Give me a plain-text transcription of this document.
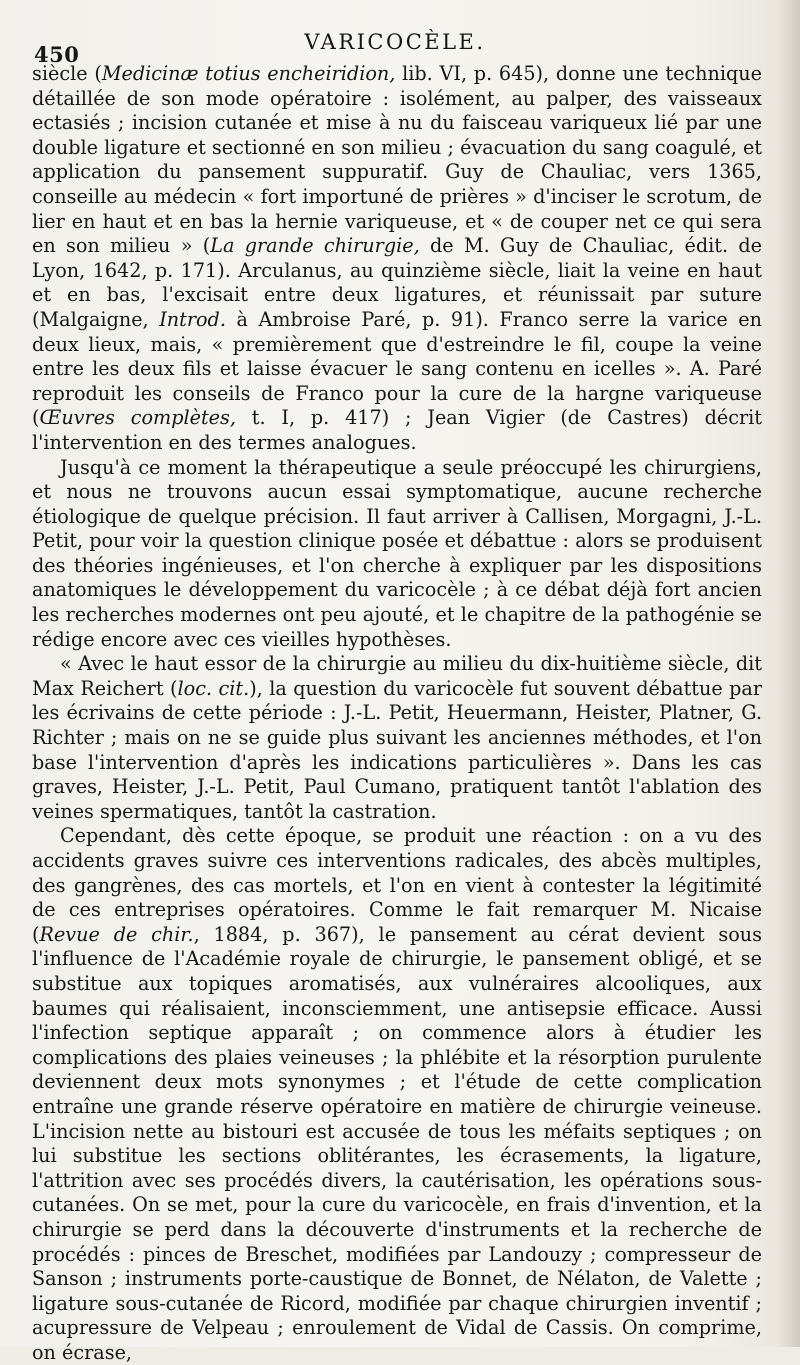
450	VARICOCÈLE.

siècle (Medicinæ totius encheiridion, lib. VI, p. 645), donne une technique détaillée de son mode opératoire : isolément, au palper, des vaisseaux ectasiés ; incision cutanée et mise à nu du faisceau variqueux lié par une double ligature et sectionné en son milieu ; évacuation du sang coagulé, et application du pansement suppuratif. Guy de Chauliac, vers 1365, conseille au médecin « fort importuné de prières » d'inciser le scrotum, de lier en haut et en bas la hernie variqueuse, et « de couper net ce qui sera en son milieu » (La grande chirurgie, de M. Guy de Chauliac, édit. de Lyon, 1642, p. 171). Arculanus, au quinzième siècle, liait la veine en haut et en bas, l'excisait entre deux ligatures, et réunissait par suture (Malgaigne, Introd. à Ambroise Paré, p. 91). Franco serre la varice en deux lieux, mais, « premièrement que d'estreindre le fil, coupe la veine entre les deux fils et laisse évacuer le sang contenu en icelles ». A. Paré reproduit les conseils de Franco pour la cure de la hargne variqueuse (Œuvres complètes, t. I, p. 417) ; Jean Vigier (de Castres) décrit l'intervention en des termes analogues.

Jusqu'à ce moment la thérapeutique a seule préoccupé les chirurgiens, et nous ne trouvons aucun essai symptomatique, aucune recherche étiologique de quelque précision. Il faut arriver à Callisen, Morgagni, J.-L. Petit, pour voir la question clinique posée et débattue : alors se produisent des théories ingénieuses, et l'on cherche à expliquer par les dispositions anatomiques le développement du varicocèle ; à ce débat déjà fort ancien les recherches modernes ont peu ajouté, et le chapitre de la pathogénie se rédige encore avec ces vieilles hypothèses.

« Avec le haut essor de la chirurgie au milieu du dix-huitième siècle, dit Max Reichert (loc. cit.), la question du varicocèle fut souvent débattue par les écrivains de cette période : J.-L. Petit, Heuermann, Heister, Platner, G. Richter ; mais on ne se guide plus suivant les anciennes méthodes, et l'on base l'intervention d'après les indications particulières ». Dans les cas graves, Heister, J.-L. Petit, Paul Cumano, pratiquent tantôt l'ablation des veines spermatiques, tantôt la castration.

Cependant, dès cette époque, se produit une réaction : on a vu des accidents graves suivre ces interventions radicales, des abcès multiples, des gangrènes, des cas mortels, et l'on en vient à contester la légitimité de ces entreprises opératoires. Comme le fait remarquer M. Nicaise (Revue de chir., 1884, p. 367), le pansement au cérat devient sous l'influence de l'Académie royale de chirurgie, le pansement obligé, et se substitue aux topiques aromatisés, aux vulnéraires alcooliques, aux baumes qui réalisaient, inconsciemment, une antisepsie efficace. Aussi l'infection septique apparaît ; on commence alors à étudier les complications des plaies veineuses ; la phlébite et la résorption purulente deviennent deux mots synonymes ; et l'étude de cette complication entraîne une grande réserve opératoire en matière de chirurgie veineuse. L'incision nette au bistouri est accusée de tous les méfaits septiques ; on lui substitue les sections oblitérantes, les écrasements, la ligature, l'attrition avec ses procédés divers, la cautérisation, les opérations sous-cutanées. On se met, pour la cure du varicocèle, en frais d'invention, et la chirurgie se perd dans la découverte d'instruments et la recherche de procédés : pinces de Breschet, modifiées par Landouzy ; compresseur de Sanson ; instruments porte-caustique de Bonnet, de Nélaton, de Valette ; ligature sous-cutanée de Ricord, modifiée par chaque chirurgien inventif ; acupressure de Velpeau ; enroulement de Vidal de Cassis. On comprime, on écrase,
